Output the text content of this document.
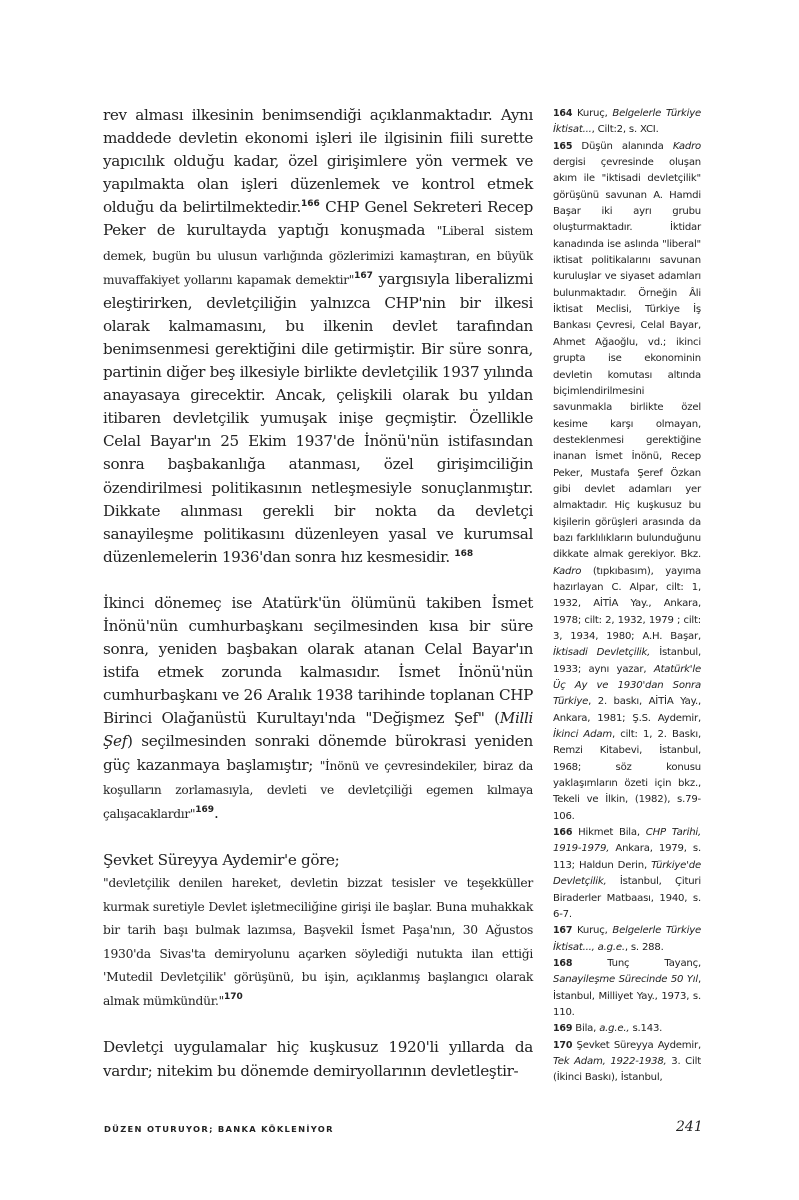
rev alması ilkesinin benimsendiği açıklanmaktadır. Aynı maddede devletin ekonomi işleri ile ilgisinin fiili surette yapıcılık olduğu kadar, özel girişimlere yön vermek ve yapılmakta olan işleri düzenlemek ve kontrol etmek olduğu da belirtilmektedir.$^{166}$ CHP Genel Sekreteri Recep Peker de kurultayda yaptığı konuşmada "Liberal sistem demek, bugün bu ulusun varlığında gözlerimizi kamaştıran, en büyük muvaffakiyet yollarını kapamak demektir"$^{167}$ yargısıyla liberalizmi eleştirirken, devletçiliğin yalnızca CHP'nin bir ilkesi olarak kalmamasını, bu ilkenin devlet tarafından benimsenmesi gerektiğini dile getirmiştir. Bir süre sonra, partinin diğer beş ilkesiyle birlikte devletçilik 1937 yılında anayasaya girecektir. Ancak, çelişkili olarak bu yıldan itibaren devletçilik yumuşak inişe geçmiştir. Özellikle Celal Bayar'ın 25 Ekim 1937'de İnönü'nün istifasından sonra başbakanlığa atanması, özel girişimciliğin özendirilmesi politikasının netleşmesiyle sonuçlanmıştır. Dikkate alınması gerekli bir nokta da devletçi sanayileşme politikasını düzenleyen yasal ve kurumsal düzenlemelerin 1936'dan sonra hız kesmesidir. $^{168}$

İkinci dönemeç ise Atatürk'ün ölümünü takiben İsmet İnönü'nün cumhurbaşkanı seçilmesinden kısa bir süre sonra, yeniden başbakan olarak atanan Celal Bayar'ın istifa etmek zorunda kalmasıdır. İsmet İnönü'nün cumhurbaşkanı ve 26 Aralık 1938 tarihinde toplanan CHP Birinci Olağanüstü Kurultayı'nda "Değişmez Şef" (Milli Şef) seçilmesinden sonraki dönemde bürokrasi yeniden güç kazanmaya başlamıştır; "İnönü ve çevresindekiler, biraz da koşulların zorlamasıyla, devleti ve devletçiliği egemen kılmaya çalışacaklardır"$^{169}$.

Şevket Süreyya Aydemir'e göre;

"devletçilik denilen hareket, devletin bizzat tesisler ve teşekküller kurmak suretiyle Devlet işletmeciliğine girişi ile başlar. Buna muhakkak bir tarih başı bulmak lazımsa, Başvekil İsmet Paşa'nın, 30 Ağustos 1930'da Sivas'ta demiryolunu açarken söylediği nutukta ilan ettiği 'Mutedil Devletçilik' görüşünü, bu işin, açıklanmış başlangıcı olarak almak mümkündür."$^{170}$

Devletçi uygulamalar hiç kuşkusuz 1920'li yıllarda da vardır; nitekim bu dönemde demiryollarının devletleştir-

164 Kuruç, Belgelerle Türkiye İktisat..., Cilt:2, s. XCI.

165 Düşün alanında Kadro dergisi çevresinde oluşan akım ile "iktisadi devletçilik" görüşünü savunan A. Hamdi Başar iki ayrı grubu oluşturmaktadır. İktidar kanadında ise aslında "liberal" iktisat politikalarını savunan kuruluşlar ve siyaset adamları bulunmaktadır. Örneğin Âli İktisat Meclisi, Türkiye İş Bankası Çevresi, Celal Bayar, Ahmet Ağaoğlu, vd.; ikinci grupta ise ekonominin devletin komutası altında biçimlendirilmesini savunmakla birlikte özel kesime karşı olmayan, desteklenmesi gerektiğine inanan İsmet İnönü, Recep Peker, Mustafa Şeref Özkan gibi devlet adamları yer almaktadır. Hiç kuşkusuz bu kişilerin görüşleri arasında da bazı farklılıkların bulunduğunu dikkate almak gerekiyor. Bkz. Kadro (tıpkıbasım), yayıma hazırlayan C. Alpar, cilt: 1, 1932, AİTİA Yay., Ankara, 1978; cilt: 2, 1932, 1979 ; cilt: 3, 1934, 1980; A.H. Başar, İktisadi Devletçilik, İstanbul, 1933; aynı yazar, Atatürk'le Üç Ay ve 1930'dan Sonra Türkiye, 2. baskı, AİTİA Yay., Ankara, 1981; Ş.S. Aydemir, İkinci Adam, cilt: 1, 2. Baskı, Remzi Kitabevi, İstanbul, 1968; söz konusu yaklaşımların özeti için bkz., Tekeli ve İlkin, (1982), s.79-106.

166 Hikmet Bila, CHP Tarihi, 1919-1979, Ankara, 1979, s. 113; Haldun Derin, Türkiye'de Devletçilik, İstanbul, Çituri Biraderler Matbaası, 1940, s. 6-7.

167 Kuruç, Belgelerle Türkiye İktisat..., a.g.e., s. 288.

168 Tunç Tayanç, Sanayileşme Sürecinde 50 Yıl, İstanbul, Milliyet Yay., 1973, s. 110.

169 Bila, a.g.e., s.143.

170 Şevket Süreyya Aydemir, Tek Adam, 1922-1938, 3. Cilt (İkinci Baskı), İstanbul,

DÜZEN OTURUYOR; BANKA KÖKLENİYOR	241
